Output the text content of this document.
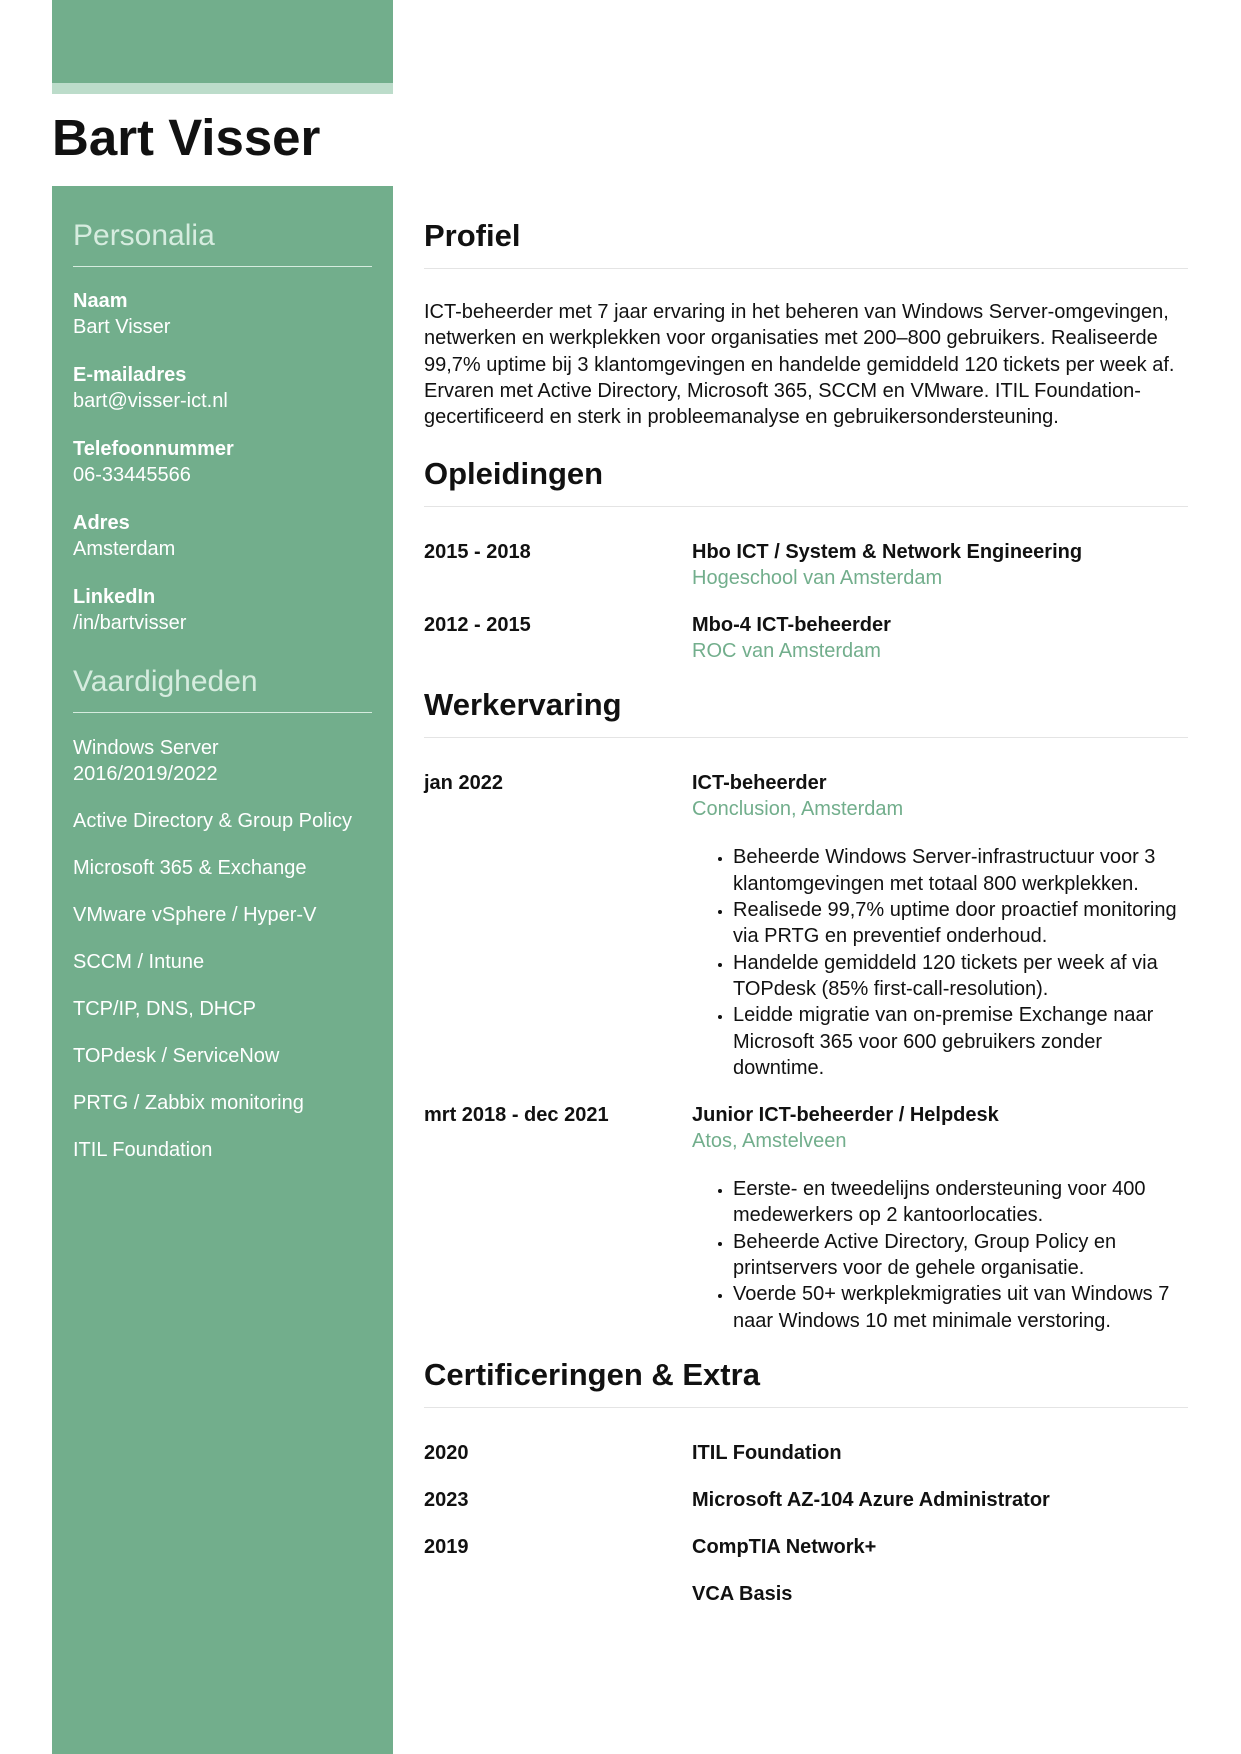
Bart Visser
Personalia
Naam
Bart Visser
E-mailadres
bart@visser-ict.nl
Telefoonnummer
06-33445566
Adres
Amsterdam
LinkedIn
/in/bartvisser
Vaardigheden
Windows Server 2016/2019/2022
Active Directory & Group Policy
Microsoft 365 & Exchange
VMware vSphere / Hyper-V
SCCM / Intune
TCP/IP, DNS, DHCP
TOPdesk / ServiceNow
PRTG / Zabbix monitoring
ITIL Foundation
Profiel

ICT-beheerder met 7 jaar ervaring in het beheren van Windows Server-omgevingen, netwerken en werkplekken voor organisaties met 200–800 gebruikers. Realiseerde 99,7% uptime bij 3 klantomgevingen en handelde gemiddeld 120 tickets per week af. Ervaren met Active Directory, Microsoft 365, SCCM en VMware. ITIL Foundation-gecertificeerd en sterk in probleemanalyse en gebruikersondersteuning.

Opleidingen
2015 - 2018	Hbo ICT / System & Network Engineering
Hogeschool van Amsterdam
2012 - 2015	Mbo-4 ICT-beheerder
ROC van Amsterdam
Werkervaring
jan 2022	ICT-beheerder
Conclusion, Amsterdam
• Beheerde Windows Server-infrastructuur voor 3 klantomgevingen met totaal 800 werkplekken.
• Realisede 99,7% uptime door proactief monitoring via PRTG en preventief onderhoud.
• Handelde gemiddeld 120 tickets per week af via TOPdesk (85% first-call-resolution).
• Leidde migratie van on-premise Exchange naar Microsoft 365 voor 600 gebruikers zonder downtime.
mrt 2018 - dec 2021	Junior ICT-beheerder / Helpdesk
Atos, Amstelveen
• Eerste- en tweedelijns ondersteuning voor 400 medewerkers op 2 kantoorlocaties.
• Beheerde Active Directory, Group Policy en printservers voor de gehele organisatie.
• Voerde 50+ werkplekmigraties uit van Windows 7 naar Windows 10 met minimale verstoring.
Certificeringen & Extra
2020	ITIL Foundation
2023	Microsoft AZ-104 Azure Administrator
2019	CompTIA Network+
VCA Basis
